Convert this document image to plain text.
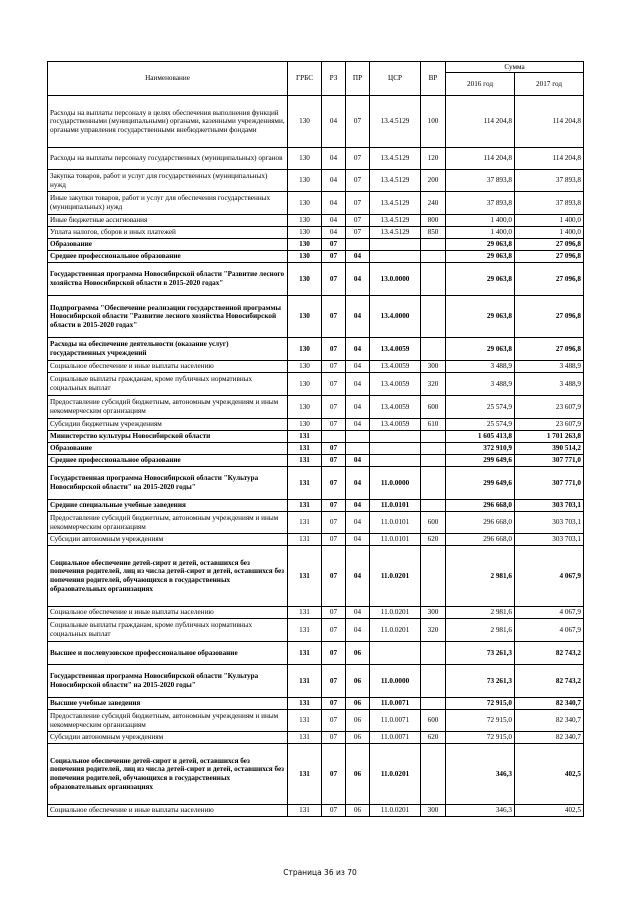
Наименование	ГРБС	РЗ	ПР	ЦСР	ВР	Сумма	
						2016 год	2017 год
Расходы на выплаты персоналу в целях обеспечения выполнения функций государственными (муниципальными) органами, казенными учреждениями, органами управления государственными внебюджетными фондами	130	04	07	13.4.5129	100	114 204,8	114 204,8
Расходы на выплаты персоналу государственных (муниципальных) органов	130	04	07	13.4.5129	120	114 204,8	114 204,8
Закупка товаров, работ и услуг для государственных (муниципальных) нужд	130	04	07	13.4.5129	200	37 893,8	37 893,8
Иные закупки товаров, работ и услуг для обеспечения государственных (муниципальных) нужд	130	04	07	13.4.5129	240	37 893,8	37 893,8
Иные бюджетные ассигнования	130	04	07	13.4.5129	800	1 400,0	1 400,0
Уплата налогов, сборов и иных платежей	130	04	07	13.4.5129	850	1 400,0	1 400,0
Образование	130	07				29 063,8	27 096,8
Среднее профессиональное образование	130	07	04			29 063,8	27 096,8
Государственная программа Новосибирской области "Развитие лесного хозяйства Новосибирской области в 2015-2020 годах"	130	07	04	13.0.0000		29 063,8	27 096,8
Подпрограмма "Обеспечение реализации государственной программы Новосибирской области "Развитие лесного хозяйства Новосибирской области в 2015-2020 годах"	130	07	04	13.4.0000		29 063,8	27 096,8
Расходы на обеспечение деятельности (оказание услуг) государственных учреждений	130	07	04	13.4.0059		29 063,8	27 096,8
Социальное обеспечение и иные выплаты населению	130	07	04	13.4.0059	300	3 488,9	3 488,9
Социальные выплаты гражданам, кроме публичных нормативных социальных выплат	130	07	04	13.4.0059	320	3 488,9	3 488,9
Предоставление субсидий бюджетным, автономным учреждениям и иным некоммерческим организациям	130	07	04	13.4.0059	600	25 574,9	23 607,9
Субсидии бюджетным учреждениям	130	07	04	13.4.0059	610	25 574,9	23 607,9
Министерство культуры Новосибирской области	131					1 605 413,8	1 701 263,8
Образование	131	07				372 910,9	390 514,2
Среднее профессиональное образование	131	07	04			299 649,6	307 771,0
Государственная программа Новосибирской области "Культура Новосибирской области" на 2015-2020 годы"	131	07	04	11.0.0000		299 649,6	307 771,0
Средние специальные учебные заведения	131	07	04	11.0.0101		296 668,0	303 703,1
Предоставление субсидий бюджетным, автономным учреждениям и иным некоммерческим организациям	131	07	04	11.0.0101	600	296 668,0	303 703,1
Субсидии автономным учреждениям	131	07	04	11.0.0101	620	296 668,0	303 703,1
Социальное обеспечение детей-сирот и детей, оставшихся без попечения родителей, лиц из числа детей-сирот и детей, оставшихся без попечения родителей, обучающихся в государственных образовательных организациях	131	07	04	11.0.0201		2 981,6	4 067,9
Социальное обеспечение и иные выплаты населению	131	07	04	11.0.0201	300	2 981,6	4 067,9
Социальные выплаты гражданам, кроме публичных нормативных социальных выплат	131	07	04	11.0.0201	320	2 981,6	4 067,9
Высшее и послевузовское профессиональное образование	131	07	06			73 261,3	82 743,2
Государственная программа Новосибирской области "Культура Новосибирской области" на 2015-2020 годы"	131	07	06	11.0.0000		73 261,3	82 743,2
Высшие учебные заведения	131	07	06	11.0.0071		72 915,0	82 340,7
Предоставление субсидий бюджетным, автономным учреждениям и иным некоммерческим организациям	131	07	06	11.0.0071	600	72 915,0	82 340,7
Субсидии автономным учреждениям	131	07	06	11.0.0071	620	72 915,0	82 340,7
Социальное обеспечение детей-сирот и детей, оставшихся без попечения родителей, лиц из числа детей-сирот и детей, оставшихся без попечения родителей, обучающихся в государственных образовательных организациях	131	07	06	11.0.0201		346,3	402,5
Социальное обеспечение и иные выплаты населению	131	07	06	11.0.0201	300	346,3	402,5
Страница 36 из 70
